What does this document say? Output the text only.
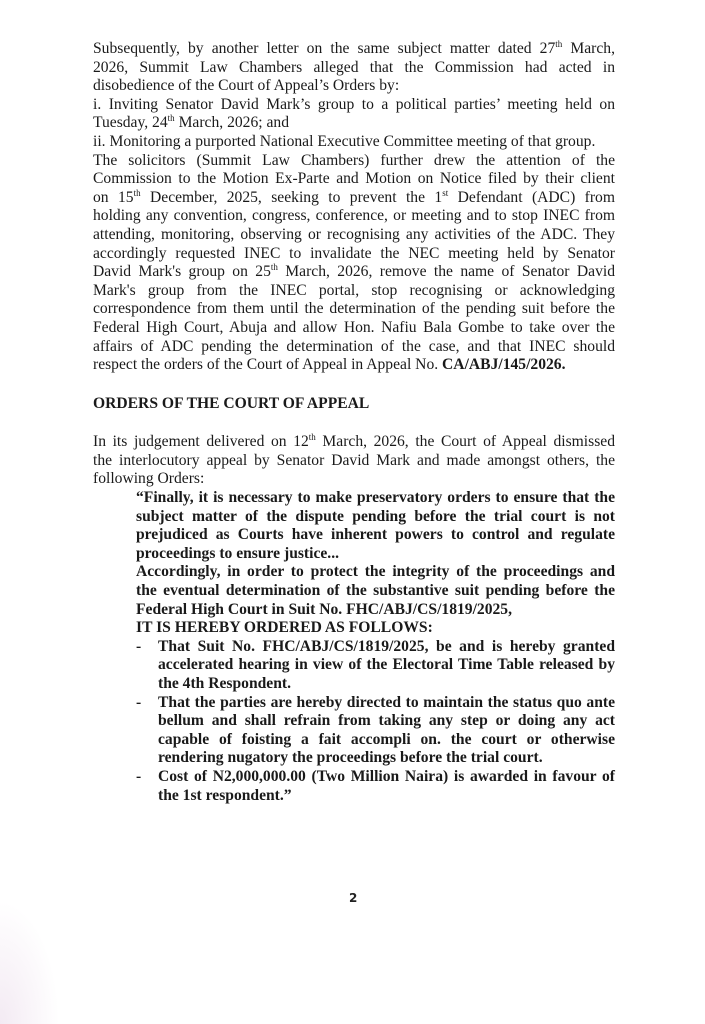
Subsequently, by another letter on the same subject matter dated 27th March,
2026, Summit Law Chambers alleged that the Commission had acted in
disobedience of the Court of Appeal’s Orders by:
i. Inviting Senator David Mark’s group to a political parties’ meeting held on
Tuesday, 24th March, 2026; and
ii. Monitoring a purported National Executive Committee meeting of that group.

The solicitors (Summit Law Chambers) further drew the attention of the
Commission to the Motion Ex-Parte and Motion on Notice filed by their client
on 15th December, 2025, seeking to prevent the 1st Defendant (ADC) from
holding any convention, congress, conference, or meeting and to stop INEC from
attending, monitoring, observing or recognising any activities of the ADC. They
accordingly requested INEC to invalidate the NEC meeting held by Senator
David Mark's group on 25th March, 2026, remove the name of Senator David
Mark's group from the INEC portal, stop recognising or acknowledging
correspondence from them until the determination of the pending suit before the
Federal High Court, Abuja and allow Hon. Nafiu Bala Gombe to take over the
affairs of ADC pending the determination of the case, and that INEC should
respect the orders of the Court of Appeal in Appeal No. CA/ABJ/145/2026.

ORDERS OF THE COURT OF APPEAL

In its judgement delivered on 12th March, 2026, the Court of Appeal dismissed
the interlocutory appeal by Senator David Mark and made amongst others, the
following Orders:

“Finally, it is necessary to make preservatory orders to ensure that the
subject matter of the dispute pending before the trial court is not
prejudiced as Courts have inherent powers to control and regulate
proceedings to ensure justice...
Accordingly, in order to protect the integrity of the proceedings and
the eventual determination of the substantive suit pending before the
Federal High Court in Suit No. FHC/ABJ/CS/1819/2025,
IT IS HEREBY ORDERED AS FOLLOWS:
- That Suit No. FHC/ABJ/CS/1819/2025, be and is hereby granted
accelerated hearing in view of the Electoral Time Table released by
the 4th Respondent.
- That the parties are hereby directed to maintain the status quo ante
bellum and shall refrain from taking any step or doing any act
capable of foisting a fait accompli on. the court or otherwise
rendering nugatory the proceedings before the trial court.
- Cost of N2,000,000.00 (Two Million Naira) is awarded in favour of
the 1st respondent.”
2
